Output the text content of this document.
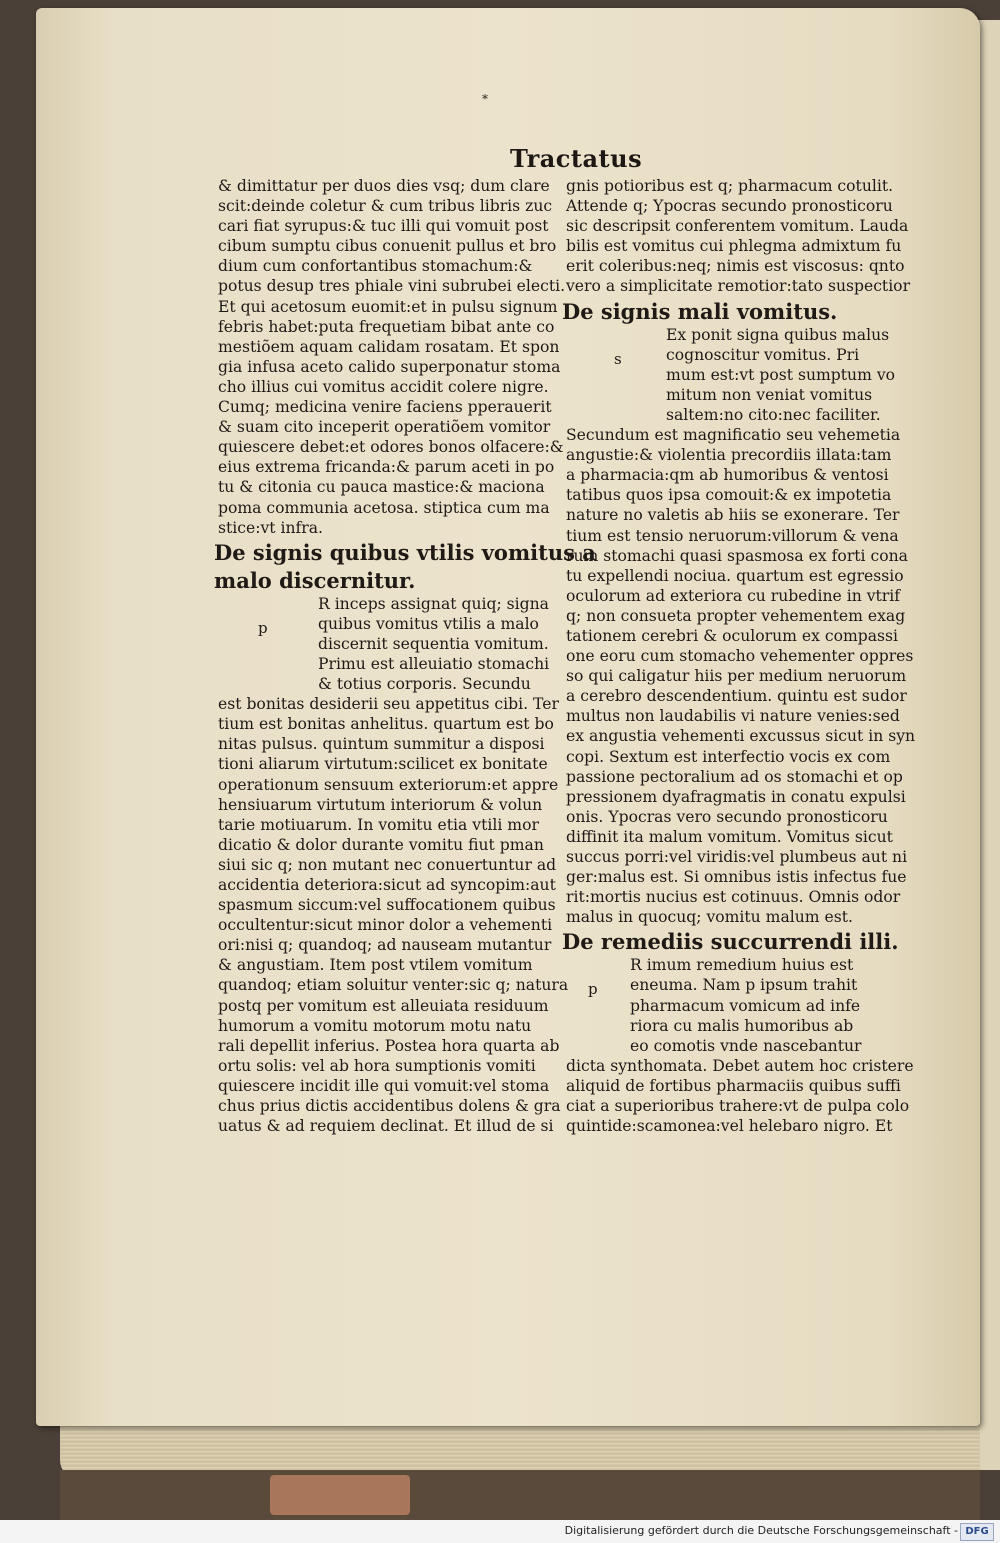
*
Tractatus
& dimittatur per duos dies vsq; dum clare
scit:deinde coletur & cum tribus libris zuc
cari fiat syrupus:& tuc illi qui vomuit post
cibum sumptu cibus conuenit pullus et bro
dium cum confortantibus stomachum:&
potus desup tres phiale vini subrubei electi.
Et qui acetosum euomit:et in pulsu signum
febris habet:puta frequetiam bibat ante co
mestiõem aquam calidam rosatam. Et spon
gia infusa aceto calido superponatur stoma
cho illius cui vomitus accidit colere nigre.
Cumq; medicina venire faciens pperauerit
& suam cito inceperit operatiõem vomitor
quiescere debet:et odores bonos olfacere:&
eius extrema fricanda:& parum aceti in po
tu & citonia cu pauca mastice:& maciona
poma communia acetosa. stiptica cum ma
stice:vt infra.
De signis quibus vtilis vomitus a
malo discernitur.
p
R inceps assignat quiq; signa
quibus vomitus vtilis a malo
discernit sequentia vomitum.
Primu est alleuiatio stomachi
& totius corporis. Secundu
est bonitas desiderii seu appetitus cibi. Ter
tium est bonitas anhelitus. quartum est bo
nitas pulsus. quintum summitur a disposi
tioni aliarum virtutum:scilicet ex bonitate
operationum sensuum exteriorum:et appre
hensiuarum virtutum interiorum & volun
tarie motiuarum. In vomitu etia vtili mor
dicatio & dolor durante vomitu fiut pman
siui sic q; non mutant nec conuertuntur ad
accidentia deteriora:sicut ad syncopim:aut
spasmum siccum:vel suffocationem quibus
occultentur:sicut minor dolor a vehementi
ori:nisi q; quandoq; ad nauseam mutantur
& angustiam. Item post vtilem vomitum
quandoq; etiam soluitur venter:sic q; natura
postq per vomitum est alleuiata residuum
humorum a vomitu motorum motu natu
rali depellit inferius. Postea hora quarta ab
ortu solis: vel ab hora sumptionis vomiti
quiescere incidit ille qui vomuit:vel stoma
chus prius dictis accidentibus dolens & gra
uatus & ad requiem declinat. Et illud de si
gnis potioribus est q; pharmacum cotulit.
Attende q; Ypocras secundo pronosticoru
sic descripsit conferentem vomitum. Lauda
bilis est vomitus cui phlegma admixtum fu
erit coleribus:neq; nimis est viscosus: qnto
vero a simplicitate remotior:tato suspectior
De signis mali vomitus.
s
Ex ponit signa quibus malus
cognoscitur vomitus. Pri
mum est:vt post sumptum vo
mitum non veniat vomitus
saltem:no cito:nec faciliter.
Secundum est magnificatio seu vehemetia
angustie:& violentia precordiis illata:tam
a pharmacia:qm ab humoribus & ventosi
tatibus quos ipsa comouit:& ex impotetia
nature no valetis ab hiis se exonerare. Ter
tium est tensio neruorum:villorum & vena
rum stomachi quasi spasmosa ex forti cona
tu expellendi nociua. quartum est egressio
oculorum ad exteriora cu rubedine in vtrif
q; non consueta propter vehementem exag
tationem cerebri & oculorum ex compassi
one eoru cum stomacho vehementer oppres
so qui caligatur hiis per medium neruorum
a cerebro descendentium. quintu est sudor
multus non laudabilis vi nature venies:sed
ex angustia vehementi excussus sicut in syn
copi. Sextum est interfectio vocis ex com
passione pectoralium ad os stomachi et op
pressionem dyafragmatis in conatu expulsi
onis. Ypocras vero secundo pronosticoru
diffinit ita malum vomitum. Vomitus sicut
succus porri:vel viridis:vel plumbeus aut ni
ger:malus est. Si omnibus istis infectus fue
rit:mortis nucius est cotinuus. Omnis odor
malus in quocuq; vomitu malum est.
De remediis succurrendi illi.
p
R imum remedium huius est
eneuma. Nam p ipsum trahit
pharmacum vomicum ad infe
riora cu malis humoribus ab
eo comotis vnde nascebantur
dicta synthomata. Debet autem hoc cristere
aliquid de fortibus pharmaciis quibus suffi
ciat a superioribus trahere:vt de pulpa colo
quintide:scamonea:vel helebaro nigro. Et
Digitalisierung gefördert durch die Deutsche Forschungsgemeinschaft - DFG
